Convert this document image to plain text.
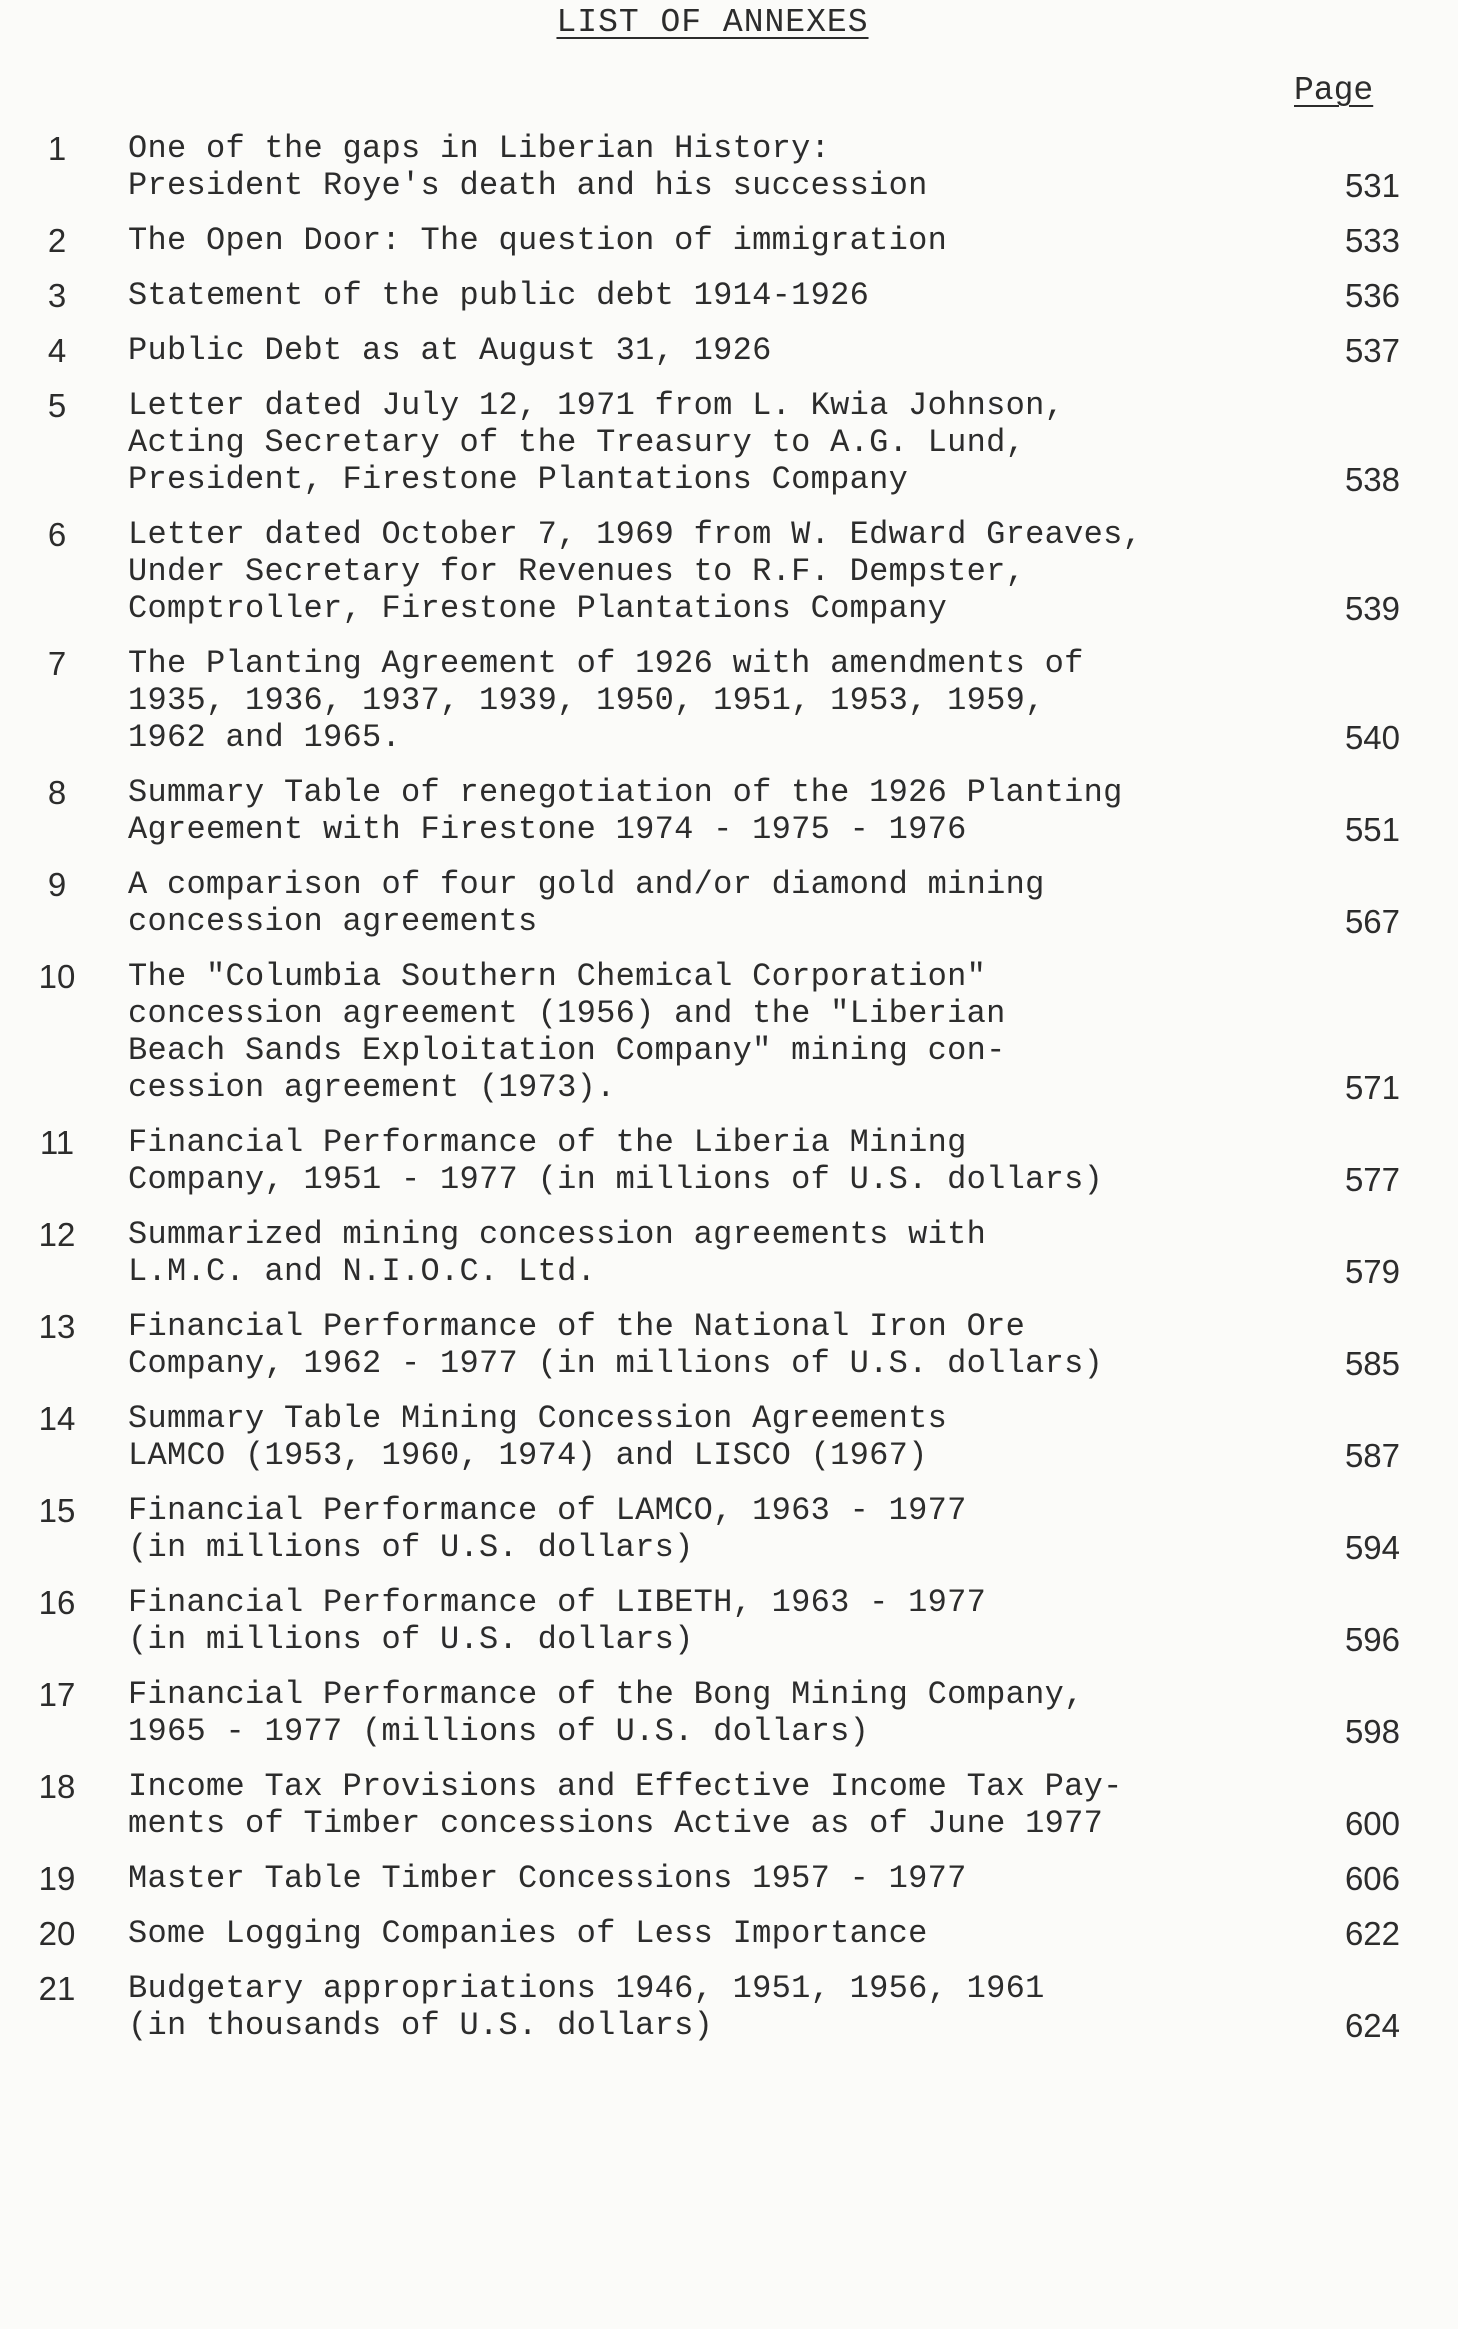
LIST OF ANNEXES
Page
1	One of the gaps in Liberian History:
President Roye's death and his succession	531
2	The Open Door: The question of immigration	533
3	Statement of the public debt 1914-1926	536
4	Public Debt as at August 31, 1926	537
5	Letter dated July 12, 1971 from L. Kwia Johnson,
Acting Secretary of the Treasury to A.G. Lund,
President, Firestone Plantations Company	538
6	Letter dated October 7, 1969 from W. Edward Greaves,
Under Secretary for Revenues to R.F. Dempster,
Comptroller, Firestone Plantations Company	539
7	The Planting Agreement of 1926 with amendments of
1935, 1936, 1937, 1939, 1950, 1951, 1953, 1959,
1962 and 1965.	540
8	Summary Table of renegotiation of the 1926 Planting
Agreement with Firestone 1974 - 1975 - 1976	551
9	A comparison of four gold and/or diamond mining
concession agreements	567
10	The "Columbia Southern Chemical Corporation"
concession agreement (1956) and the "Liberian
Beach Sands Exploitation Company" mining con-
cession agreement (1973).	571
11	Financial Performance of the Liberia Mining
Company, 1951 - 1977 (in millions of U.S. dollars)	577
12	Summarized mining concession agreements with
L.M.C. and N.I.O.C. Ltd.	579
13	Financial Performance of the National Iron Ore
Company, 1962 - 1977 (in millions of U.S. dollars)	585
14	Summary Table Mining Concession Agreements
LAMCO (1953, 1960, 1974) and LISCO (1967)	587
15	Financial Performance of LAMCO, 1963 - 1977
(in millions of U.S. dollars)	594
16	Financial Performance of LIBETH, 1963 - 1977
(in millions of U.S. dollars)	596
17	Financial Performance of the Bong Mining Company,
1965 - 1977 (millions of U.S. dollars)	598
18	Income Tax Provisions and Effective Income Tax Pay-
ments of Timber concessions Active as of June 1977	600
19	Master Table Timber Concessions 1957 - 1977	606
20	Some Logging Companies of Less Importance	622
21	Budgetary appropriations 1946, 1951, 1956, 1961
(in thousands of U.S. dollars)	624
